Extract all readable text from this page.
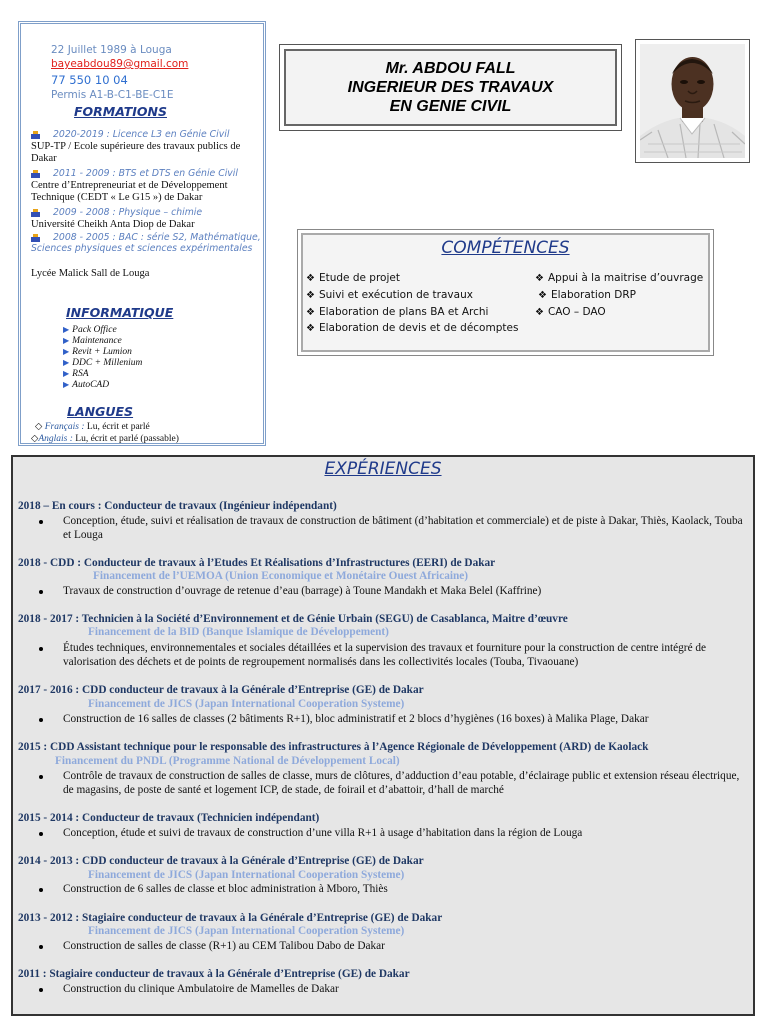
22 Juillet 1989 à Louga
bayeabdou89@gmail.com
77 550 10 04
Permis A1-B-C1-BE-C1E
FORMATIONS
2020-2019 : Licence L3 en Génie Civil
SUP-TP / Ecole supérieure des travaux publics de Dakar
2011 - 2009 : BTS et DTS en Génie Civil
Centre d’Entrepreneuriat et de Développement Technique (CEDT « Le G15 ») de Dakar
2009 - 2008 : Physique – chimie
Université Cheikh Anta Diop de Dakar
2008 - 2005 : BAC : série S2, Mathématique, Sciences physiques et sciences expérimentales
Lycée Malick Sall de Louga
INFORMATIQUE
▶ Pack Office
▶ Maintenance
▶ Revit + Lumion
▶ DDC + Millenium
▶ RSA
▶ AutoCAD
LANGUES
◇ Français : Lu, écrit et parlé
◇Anglais : Lu, écrit et parlé (passable)
Mr. ABDOU FALL
INGERIEUR DES TRAVAUX
EN GENIE CIVIL
COMPÉTENCES
❖ Etude de projet
❖ Suivi et exécution de travaux
❖ Elaboration de plans BA et Archi
❖ Elaboration de devis et de décomptes
❖ Appui à la maitrise d’ouvrage
❖ Elaboration DRP
❖ CAO – DAO
EXPÉRIENCES
2018 – En cours : Conducteur de travaux (Ingénieur indépendant)
Conception, étude, suivi et réalisation de travaux de construction de bâtiment (d’habitation et commerciale) et de piste à Dakar, Thiès, Kaolack, Touba et Louga
2018 - CDD : Conducteur de travaux à l’Etudes Et Réalisations d’Infrastructures (EERI) de Dakar
Financement de l’UEMOA (Union Economique et Monétaire Ouest Africaine)
Travaux de construction d’ouvrage de retenue d’eau (barrage) à Toune Mandakh et Maka Belel (Kaffrine)
2018 - 2017 : Technicien à la Société d’Environnement et de Génie Urbain (SEGU) de Casablanca, Maitre d’œuvre
Financement de la BID (Banque Islamique de Développement)
Études techniques, environnementales et sociales détaillées et la supervision des travaux et fourniture pour la construction de centre intégré de valorisation des déchets et de points de regroupement normalisés dans les collectivités locales (Touba, Tivaouane)
2017 - 2016 : CDD conducteur de travaux à la Générale d’Entreprise (GE) de Dakar
Financement de JICS (Japan International Cooperation Systeme)
Construction de 16 salles de classes (2 bâtiments R+1), bloc administratif et 2 blocs d’hygiènes (16 boxes) à Malika Plage, Dakar
2015 : CDD Assistant technique pour le responsable des infrastructures à l’Agence Régionale de Développement (ARD) de Kaolack
Financement du PNDL (Programme National de Développement Local)
Contrôle de travaux de construction de salles de classe, murs de clôtures, d’adduction d’eau potable, d’éclairage public et extension réseau électrique, de magasins, de poste de santé et logement ICP, de stade, de foirail et d’abattoir, d’hall de marché
2015 - 2014 : Conducteur de travaux (Technicien indépendant)
Conception, étude et suivi de travaux de construction d’une villa R+1 à usage d’habitation dans la région de Louga
2014 - 2013 : CDD conducteur de travaux à la Générale d’Entreprise (GE) de Dakar
Financement de JICS (Japan International Cooperation Systeme)
Construction de 6 salles de classe et bloc administration à Mboro, Thiès
2013 - 2012 : Stagiaire conducteur de travaux à la Générale d’Entreprise (GE) de Dakar
Financement de JICS (Japan International Cooperation Systeme)
Construction de salles de classe (R+1) au CEM Talibou Dabo de Dakar
2011 : Stagiaire conducteur de travaux à la Générale d’Entreprise (GE) de Dakar
Construction du clinique Ambulatoire de Mamelles de Dakar
